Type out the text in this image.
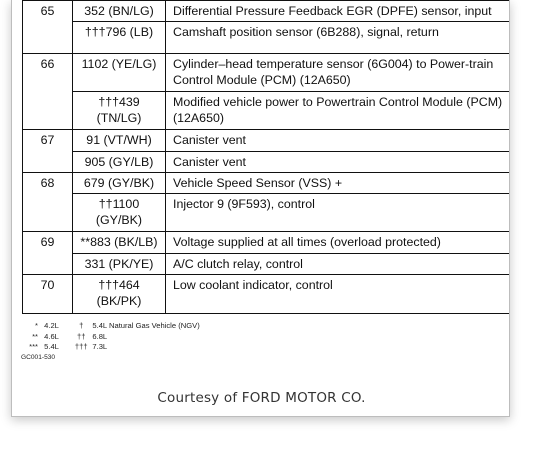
65	352 (BN/LG)	Differential Pressure Feedback EGR (DPFE) sensor, input
	†††796 (LB)	Camshaft position sensor (6B288), signal, return
66	1102 (YE/LG)	Cylinder–head temperature sensor (6G004) to Power-train Control Module (PCM) (12A650)
	†††439 (TN/LG)	Modified vehicle power to Powertrain Control Module (PCM) (12A650)
67	91 (VT/WH)	Canister vent
	905 (GY/LB)	Canister vent
68	679 (GY/BK)	Vehicle Speed Sensor (VSS) +
	††1100 (GY/BK)	Injector 9 (9F593), control
69	**883 (BK/LB)	Voltage supplied at all times (overload protected)
	331 (PK/YE)	A/C clutch relay, control
70	†††464 (BK/PK)	Low coolant indicator, control
* 4.2L	† 5.4L Natural Gas Vehicle (NGV)
** 4.6L †† 6.8L
*** 5.4L ††† 7.3L
GC001-530
Courtesy of FORD MOTOR CO.
